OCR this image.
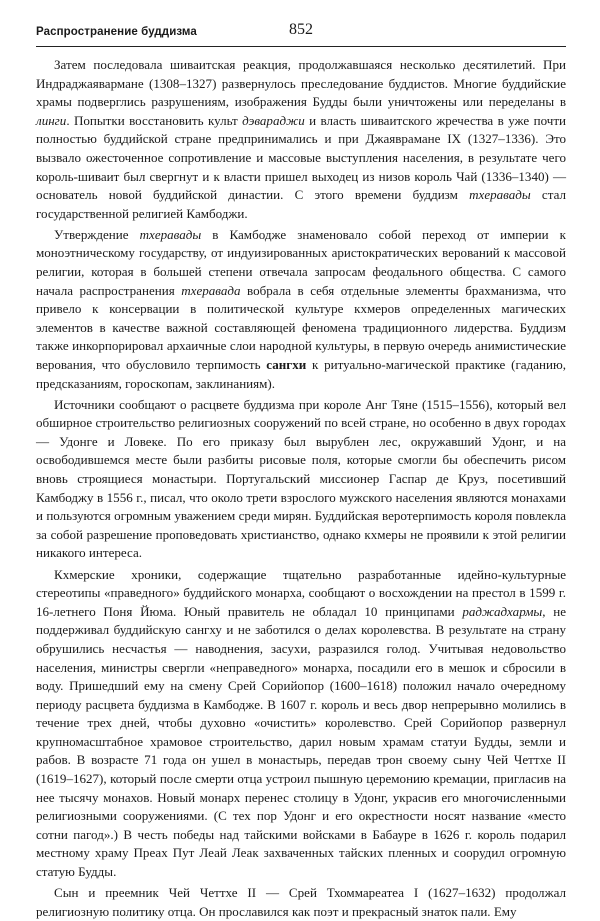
Распространение буддизма	852

Затем последовала шиваитская реакция, продолжавшаяся несколько десятилетий. При Индраджаявармане (1308–1327) развернулось преследование буддистов. Многие буддийские храмы подверглись разрушениям, изображения Будды были уничтожены или переделаны в линги. Попытки восстановить культ дэвараджи и власть шиваитского жречества в уже почти полностью буддийской стране предпринимались и при Джаяврамане IX (1327–1336). Это вызвало ожесточенное сопротивление и массовые выступления населения, в результате чего король-шиваит был свергнут и к власти пришел выходец из низов король Чай (1336–1340) — основатель новой буддийской династии. С этого времени буддизм тхеравады стал государственной религией Камбоджи.

Утверждение тхеравады в Камбодже знаменовало собой переход от империи к моноэтническому государству, от индуизированных аристократических верований к массовой религии, которая в большей степени отвечала запросам феодального общества. С самого начала распространения тхеравада вобрала в себя отдельные элементы брахманизма, что привело к консервации в политической культуре кхмеров определенных магических элементов в качестве важной составляющей феномена традиционного лидерства. Буддизм также инкорпорировал архаичные слои народной культуры, в первую очередь анимистические верования, что обусловило терпимость сангхи к ритуально-магической практике (гаданию, предсказаниям, гороскопам, заклинаниям).

Источники сообщают о расцвете буддизма при короле Анг Тяне (1515–1556), который вел обширное строительство религиозных сооружений по всей стране, но особенно в двух городах — Удонге и Ловеке. По его приказу был вырублен лес, окружавший Удонг, и на освободившемся месте были разбиты рисовые поля, которые смогли бы обеспечить рисом вновь строящиеся монастыри. Португальский миссионер Гаспар де Круз, посетивший Камбоджу в 1556 г., писал, что около трети взрослого мужского населения являются монахами и пользуются огромным уважением среди мирян. Буддийская веротерпимость короля повлекла за собой разрешение проповедовать христианство, однако кхмеры не проявили к этой религии никакого интереса.

Кхмерские хроники, содержащие тщательно разработанные идейно-культурные стереотипы «праведного» буддийского монарха, сообщают о восхождении на престол в 1599 г. 16-летнего Поня Йюма. Юный правитель не обладал 10 принципами раджадхармы, не поддерживал буддийскую сангху и не заботился о делах королевства. В результате на страну обрушились несчастья — наводнения, засухи, разразился голод. Учитывая недовольство населения, министры свергли «неправедного» монарха, посадили его в мешок и сбросили в воду. Пришедший ему на смену Срей Сорийопор (1600–1618) положил начало очередному периоду расцвета буддизма в Камбодже. В 1607 г. король и весь двор непрерывно молились в течение трех дней, чтобы духовно «очистить» королевство. Срей Сорийопор развернул крупномасштабное храмовое строительство, дарил новым храмам статуи Будды, земли и рабов. В возрасте 71 года он ушел в монастырь, передав трон своему сыну Чей Четтхе II (1619–1627), который после смерти отца устроил пышную церемонию кремации, пригласив на нее тысячу монахов. Новый монарх перенес столицу в Удонг, украсив его многочисленными религиозными сооружениями. (С тех пор Удонг и его окрестности носят название «место сотни пагод».) В честь победы над тайскими войсками в Бабауре в 1626 г. король подарил местному храму Преах Пут Леай Леак захваченных тайских пленных и соорудил огромную статую Будды.

Сын и преемник Чей Четтхе II — Срей Тхоммареатеа I (1627–1632) продолжал религиозную политику отца. Он прославился как поэт и прекрасный знаток пали. Ему
